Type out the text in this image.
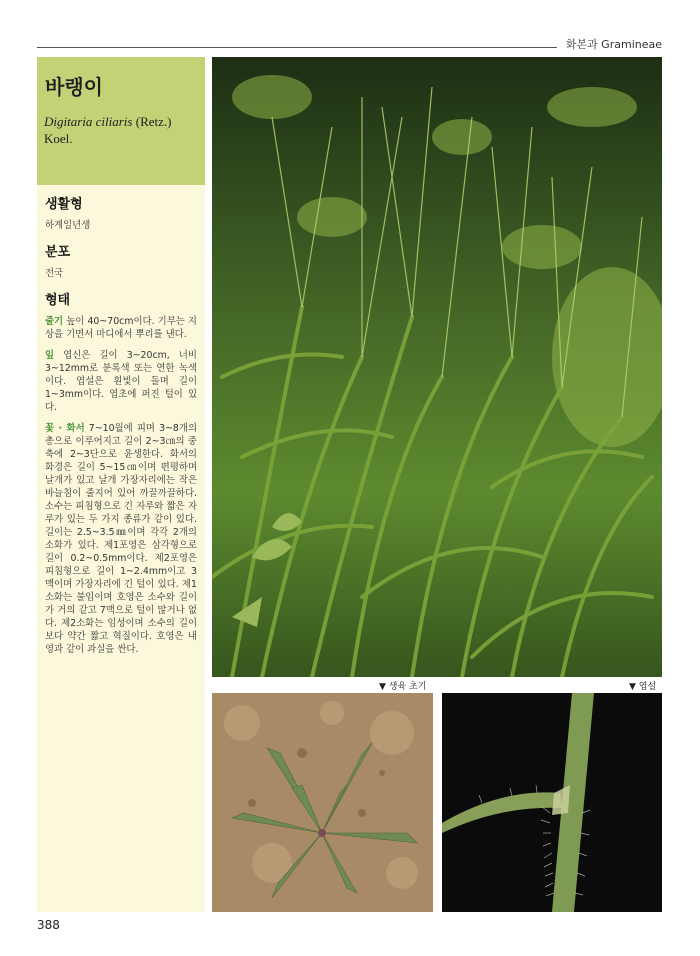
화본과 Gramineae
바랭이
Digitaria ciliaris (Retz.) Koel.
생활형
하계일년생
분포
전국
형태
줄기 높이 40~70cm이다. 기부는 지상을 기면서 마디에서 뿌리를 낸다.
잎 엽신은 길이 3~20cm, 너비 3~12mm로 분록색 또는 연한 녹색이다. 엽설은 흰빛이 돌며 길이 1~3mm이다. 엽초에 퍼진 털이 있다.
꽃 · 화서 7~10월에 피며 3~8개의 총으로 이루어지고 길이 2~3㎝의 중축에 2~3단으로 윤생한다. 화서의 화경은 길이 5~15㎝이며 편평하며 날개가 있고 날개 가장자리에는 작은 바늘침이 줄지어 있어 까끌까끌하다. 소수는 피침형으로 긴 자루와 짧은 자루가 있는 두 가지 종류가 같이 있다. 길이는 2.5~3.5㎜이며 각각 2개의 소화가 있다. 제1포영은 삼각형으로 길이 0.2~0.5mm이다. 제2포영은 피침형으로 길이 1~2.4mm이고 3맥이며 가장자리에 긴 털이 있다. 제1소화는 불임이며 호영은 소수와 길이가 거의 같고 7맥으로 털이 많거나 없다. 제2소화는 임성이며 소수의 길이보다 약간 짧고 혁질이다. 호영은 내영과 같이 과실을 싼다.
▼ 생육 초기	▼ 엽설
388
